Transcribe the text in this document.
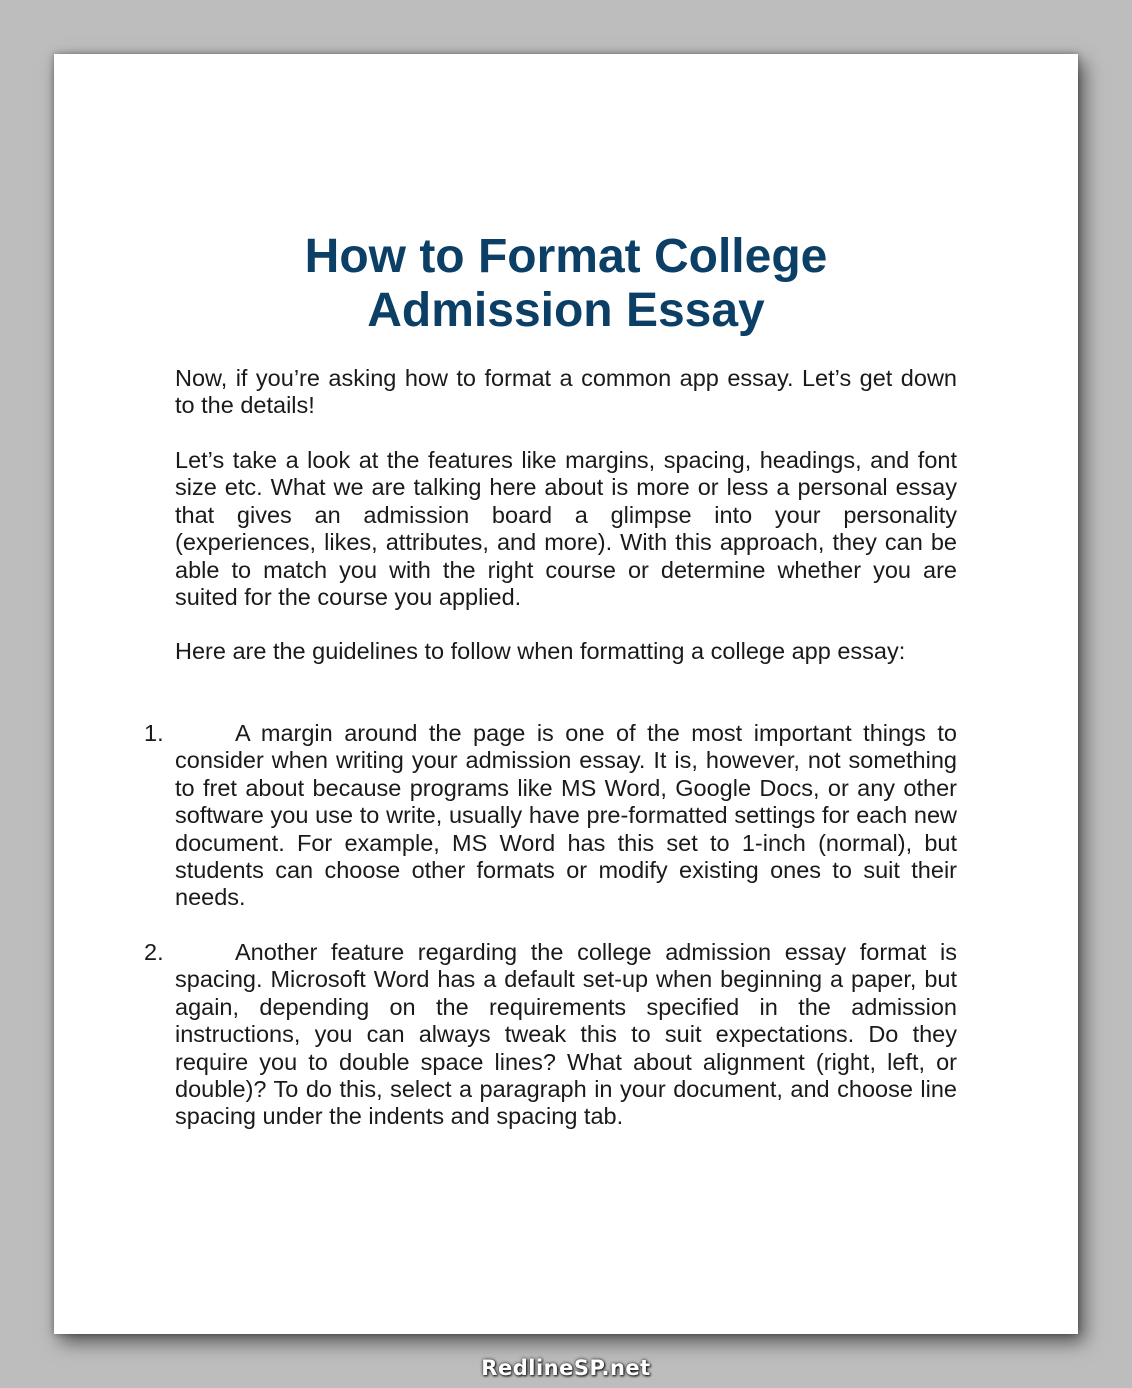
How to Format College
Admission Essay

Now, if you’re asking how to format a common app essay. Let’s get down to the details!

Let’s take a look at the features like margins, spacing, headings, and font size etc. What we are talking here about is more or less a personal essay that gives an admission board a glimpse into your personality (experiences, likes, attributes, and more). With this approach, they can be able to match you with the right course or determine whether you are suited for the course you applied.

Here are the guidelines to follow when formatting a college app essay:

1.	A margin around the page is one of the most important things to consider when writing your admission essay. It is, however, not something to fret about because programs like MS Word, Google Docs, or any other software you use to write, usually have pre-formatted settings for each new document. For example, MS Word has this set to 1-inch (normal), but students can choose other formats or modify existing ones to suit their needs.

2.	Another feature regarding the college admission essay format is spacing. Microsoft Word has a default set-up when beginning a paper, but again, depending on the requirements specified in the admission instructions, you can always tweak this to suit expectations. Do they require you to double space lines? What about alignment (right, left, or double)? To do this, select a paragraph in your document, and choose line spacing under the indents and spacing tab.

RedlineSP.net
